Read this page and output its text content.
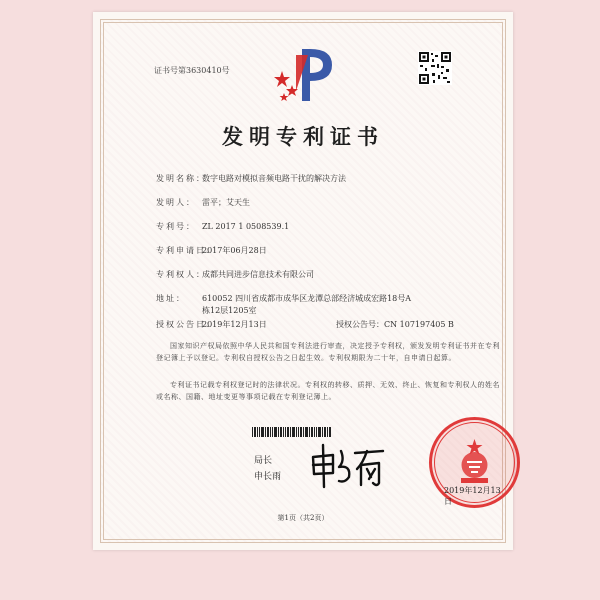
证书号第3630410号
发明专利证书
发明名称：数字电路对模拟音频电路干扰的解决方法
发明人： 雷平；艾天生
专利号： ZL 2017 1 0508539.1
专利申请日：2017年06月28日
专利权人：成都共同进步信息技术有限公司
地址： 610052 四川省成都市成华区龙潭总部经济城成宏路18号A
栋12层1205室
授权公告日：2019年12月13日	授权公告号：CN 107197405 B
国家知识产权局依照中华人民共和国专利法进行审查，决定授予专利权，颁发发明专利证书并在专利登记簿上予以登记。专利权自授权公告之日起生效。专利权期限为二十年，自申请日起算。
专利证书记载专利权登记时的法律状况。专利权的转移、质押、无效、终止、恢复和专利权人的姓名或名称、国籍、地址变更等事项记载在专利登记簿上。
局长
申长雨
2019年12月13日
第1页（共2页）
